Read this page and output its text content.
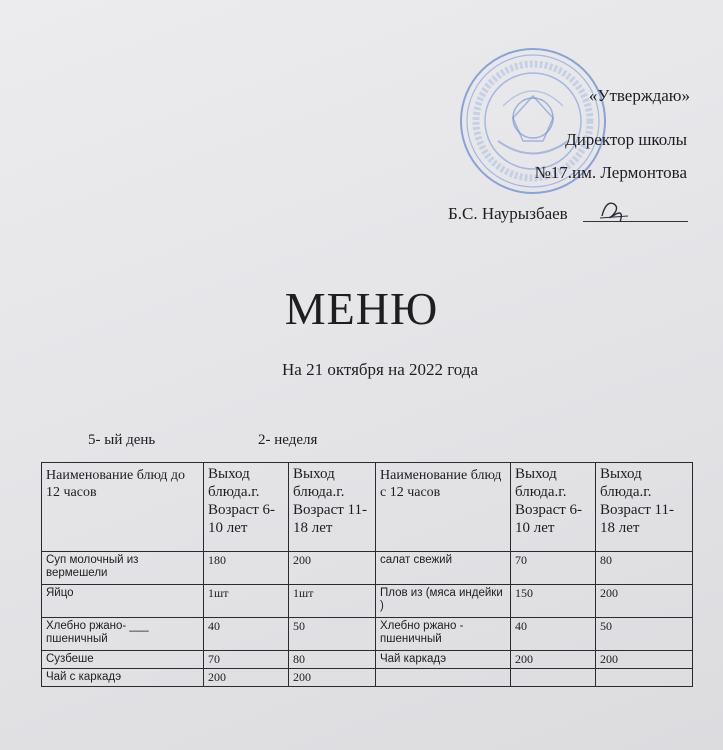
«Утверждаю»
Директор школы
№17.им. Лермонтова
Б.С. Наурызбаев
МЕНЮ
На 21 октября на 2022 года
5- ый день	2- неделя
Наименование блюд до 12 часов	Выход блюда.г. Возраст 6-10 лет	Выход блюда.г. Возраст 11-18 лет	Наименование блюд с 12 часов	Выход блюда.г. Возраст 6-10 лет	Выход блюда.г. Возраст 11-18 лет
Суп молочный из вермешели	180	200	салат свежий	70	80
Яйцо	1шт	1шт	Плов из (мяса индейки )	150	200
Хлебно ржано- ___ пшеничный	40	50	Хлебно ржано - пшеничный	40	50
Сузбеше	70	80	Чай каркадэ	200	200
Чай с каркадэ	200	200			
